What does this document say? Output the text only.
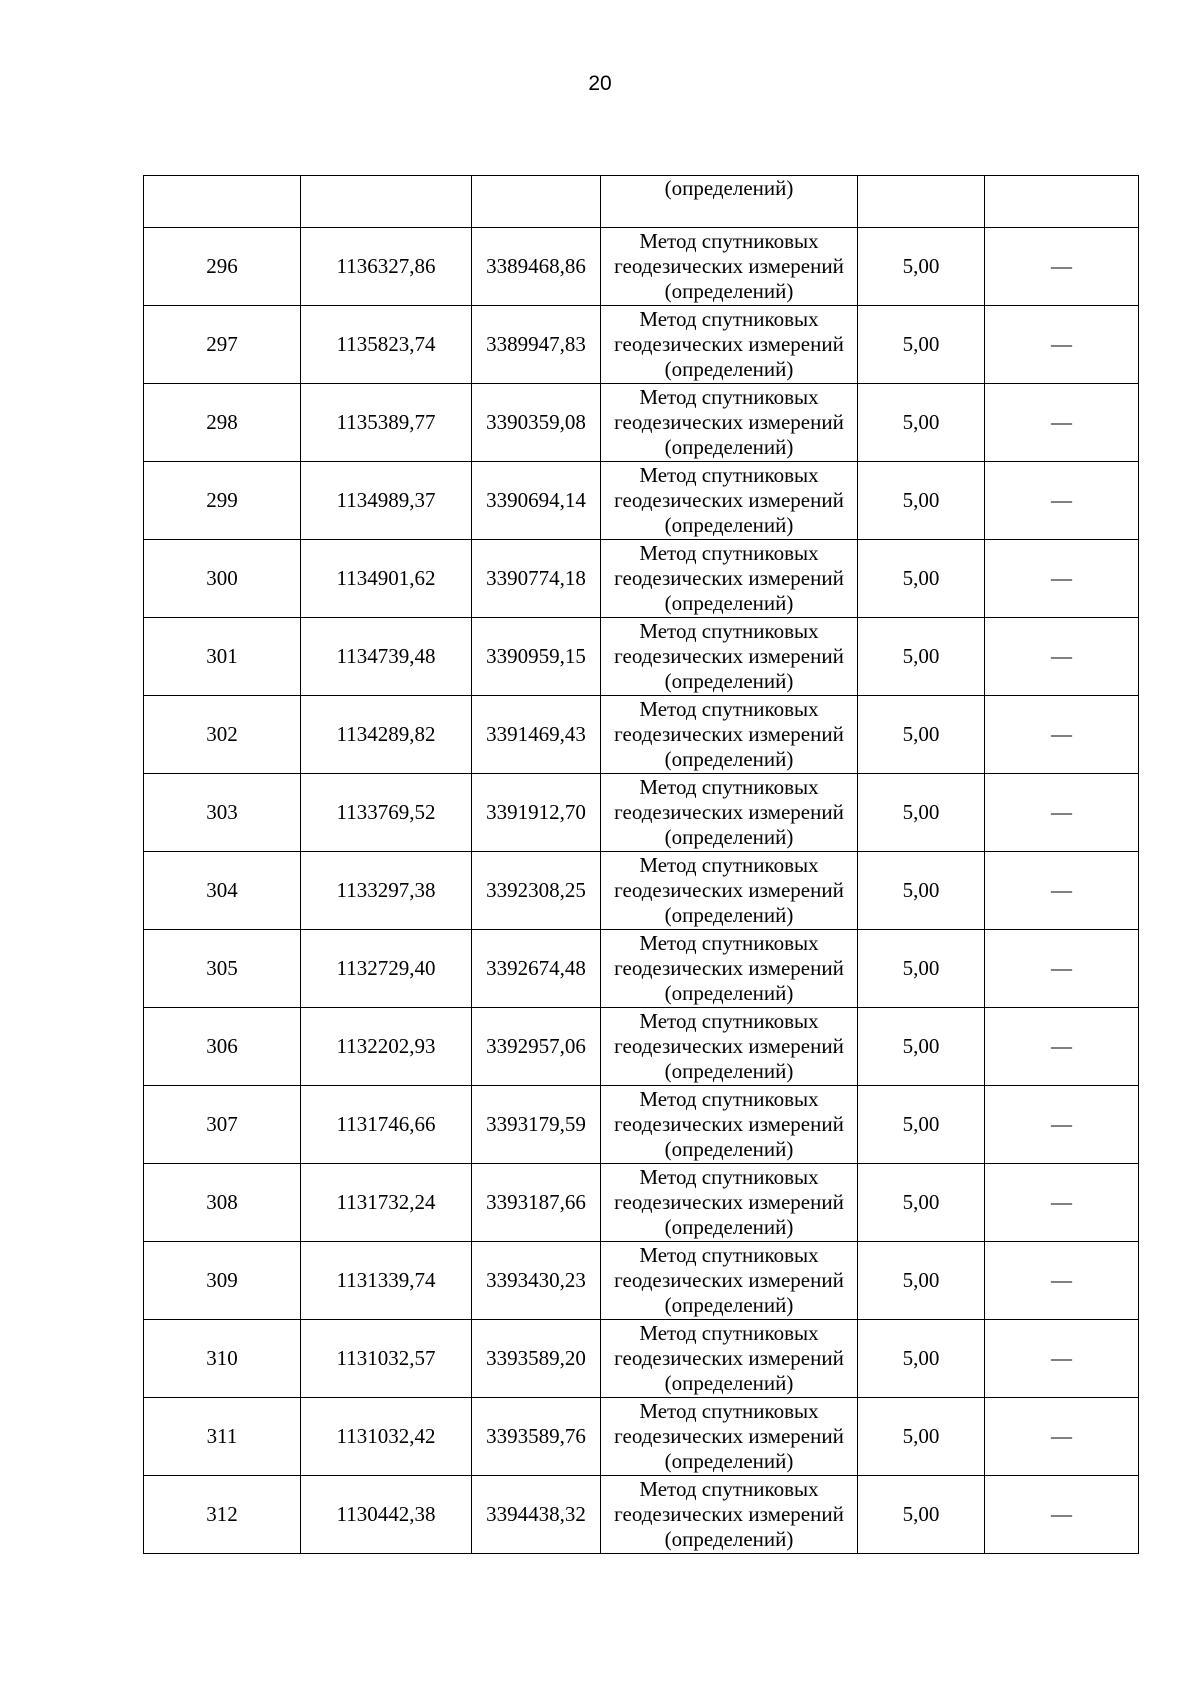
20
			(определений)		
296	1136327,86	3389468,86	Метод спутниковых
геодезических измерений
(определений)	5,00	—
297	1135823,74	3389947,83	Метод спутниковых
геодезических измерений
(определений)	5,00	—
298	1135389,77	3390359,08	Метод спутниковых
геодезических измерений
(определений)	5,00	—
299	1134989,37	3390694,14	Метод спутниковых
геодезических измерений
(определений)	5,00	—
300	1134901,62	3390774,18	Метод спутниковых
геодезических измерений
(определений)	5,00	—
301	1134739,48	3390959,15	Метод спутниковых
геодезических измерений
(определений)	5,00	—
302	1134289,82	3391469,43	Метод спутниковых
геодезических измерений
(определений)	5,00	—
303	1133769,52	3391912,70	Метод спутниковых
геодезических измерений
(определений)	5,00	—
304	1133297,38	3392308,25	Метод спутниковых
геодезических измерений
(определений)	5,00	—
305	1132729,40	3392674,48	Метод спутниковых
геодезических измерений
(определений)	5,00	—
306	1132202,93	3392957,06	Метод спутниковых
геодезических измерений
(определений)	5,00	—
307	1131746,66	3393179,59	Метод спутниковых
геодезических измерений
(определений)	5,00	—
308	1131732,24	3393187,66	Метод спутниковых
геодезических измерений
(определений)	5,00	—
309	1131339,74	3393430,23	Метод спутниковых
геодезических измерений
(определений)	5,00	—
310	1131032,57	3393589,20	Метод спутниковых
геодезических измерений
(определений)	5,00	—
311	1131032,42	3393589,76	Метод спутниковых
геодезических измерений
(определений)	5,00	—
312	1130442,38	3394438,32	Метод спутниковых
геодезических измерений
(определений)	5,00	—
